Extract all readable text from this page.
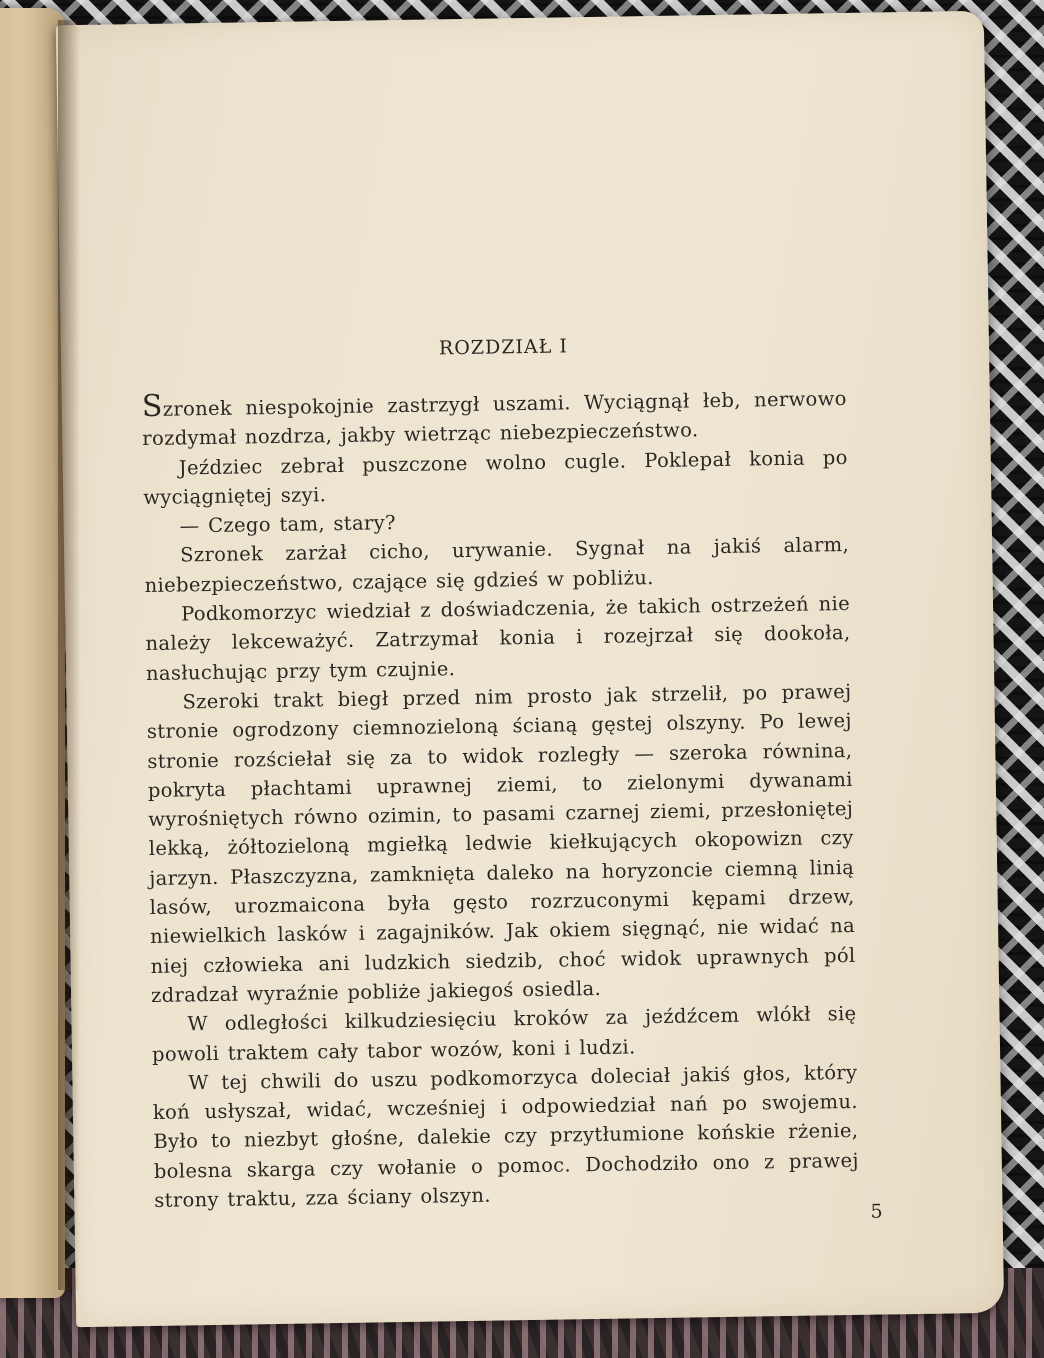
ROZDZIAŁ I

Szronek niespokojnie zastrzygł uszami. Wyciągnął łeb, nerwowo rozdymał nozdrza, jakby wietrząc niebezpieczeństwo.

Jeździec zebrał puszczone wolno cugle. Poklepał konia po wyciągniętej szyi.

— Czego tam, stary?

Szronek zarżał cicho, urywanie. Sygnał na jakiś alarm, niebezpieczeństwo, czające się gdzieś w pobliżu.

Podkomorzyc wiedział z doświadczenia, że takich ostrzeżeń nie należy lekceważyć. Zatrzymał konia i rozejrzał się dookoła, nasłuchując przy tym czujnie.

Szeroki trakt biegł przed nim prosto jak strzelił, po prawej stronie ogrodzony ciemnozieloną ścianą gęstej olszyny. Po lewej stronie rozściełał się za to widok rozległy — szeroka równina, pokryta płachtami uprawnej ziemi, to zielonymi dywanami wyrośniętych równo ozimin, to pasami czarnej ziemi, przesłoniętej lekką, żółtozieloną mgiełką ledwie kiełkujących okopowizn czy jarzyn. Płaszczyzna, zamknięta daleko na horyzoncie ciemną linią lasów, urozmaicona była gęsto rozrzuconymi kępami drzew, niewielkich lasków i zagajników. Jak okiem sięgnąć, nie widać na niej człowieka ani ludzkich siedzib, choć widok uprawnych pól zdradzał wyraźnie pobliże jakiegoś osiedla.

W odległości kilkudziesięciu kroków za jeźdźcem wlókł się powoli traktem cały tabor wozów, koni i ludzi.

W tej chwili do uszu podkomorzyca doleciał jakiś głos, który koń usłyszał, widać, wcześniej i odpowiedział nań po swojemu. Było to niezbyt głośne, dalekie czy przytłumione końskie rżenie, bolesna skarga czy wołanie o pomoc. Dochodziło ono z prawej strony traktu, zza ściany olszyn.	5
